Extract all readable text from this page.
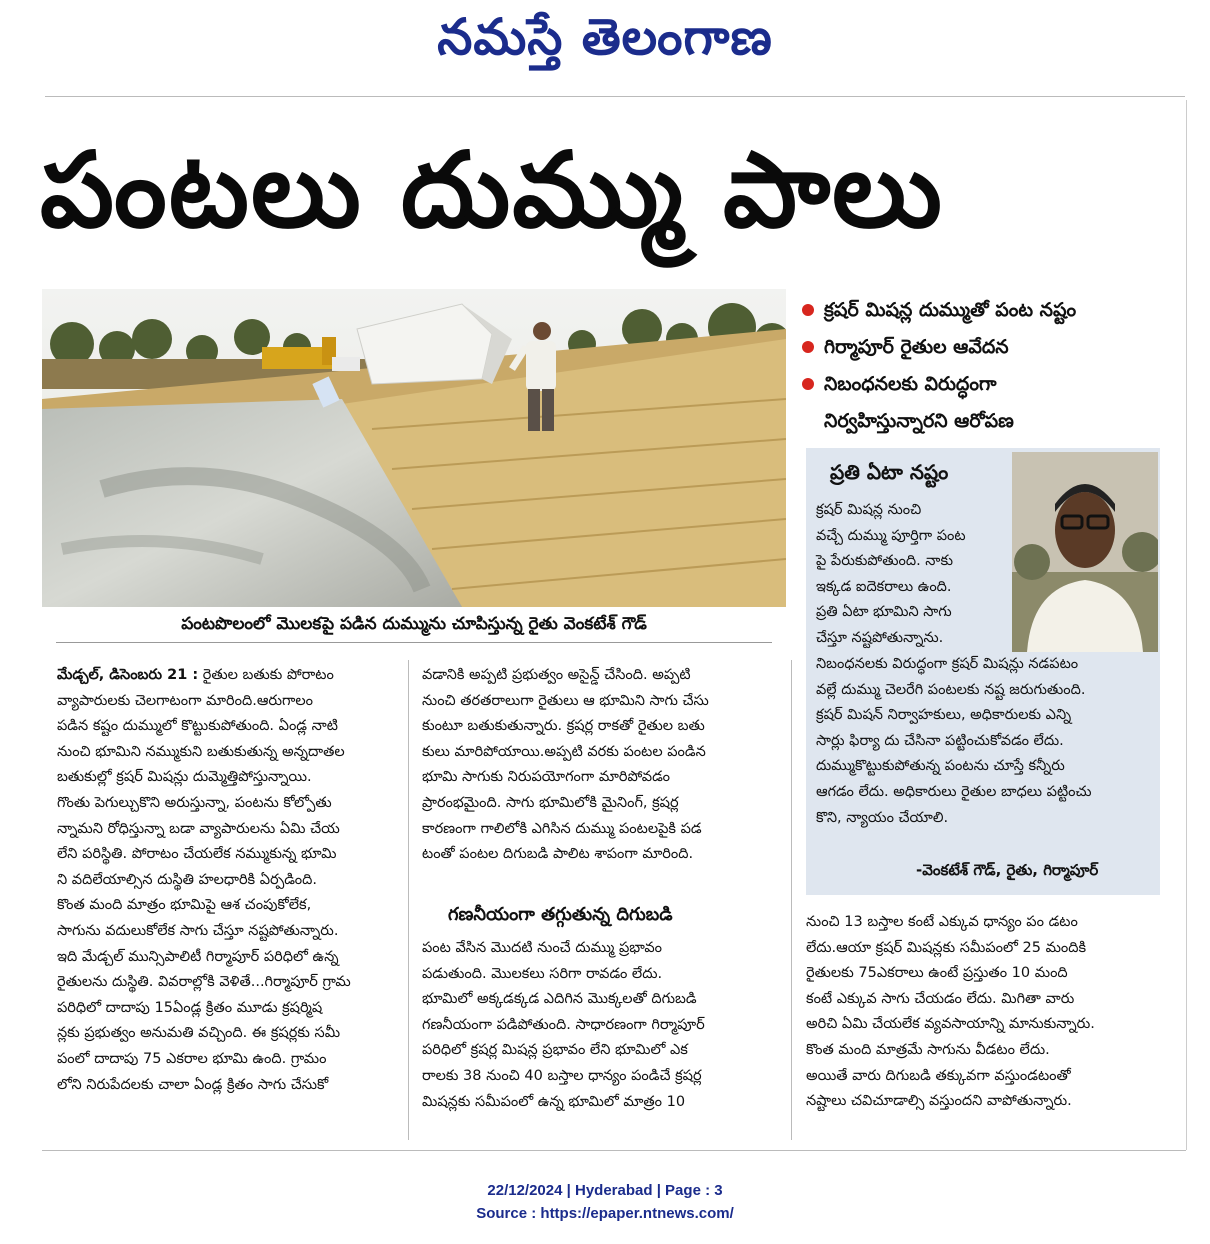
నమస్తే తెలంగాణ
పంటలు దుమ్ము పాలు
పంటపొలంలో మొలకపై పడిన దుమ్మును చూపిస్తున్న రైతు వెంకటేశ్ గౌడ్
క్రషర్ మిషన్ల దుమ్ముతో పంట నష్టం
గిర్మాపూర్ రైతుల ఆవేదన
నిబంధనలకు విరుద్ధంగా
నిర్వహిస్తున్నారని ఆరోపణ
ప్రతి ఏటా నష్టం
క్రషర్ మిషన్ల నుంచి
వచ్చే దుమ్ము పూర్తిగా పంట
పై పేరుకుపోతుంది. నాకు
ఇక్కడ ఐదెకరాలు ఉంది.
ప్రతి ఏటా భూమిని సాగు
చేస్తూ నష్టపోతున్నాను.
నిబంధనలకు విరుద్ధంగా క్రషర్ మిషన్లు నడపటం
వల్లే దుమ్ము చెలరేగి పంటలకు నష్ట జరుగుతుంది.
క్రషర్ మిషన్ నిర్వాహకులు, అధికారులకు ఎన్ని
సార్లు ఫిర్యా దు చేసినా పట్టించుకోవడం లేదు.
దుమ్ముకొట్టుకుపోతున్న పంటను చూస్తే కన్నీరు
ఆగడం లేదు. అధికారులు రైతుల బాధలు పట్టించు
కొని, న్యాయం చేయాలి.
-వెంకటేశ్ గౌడ్, రైతు, గిర్మాపూర్
మేడ్చల్, డిసెంబరు 21 : రైతుల బతుకు పోరాటం
వ్యాపారులకు చెలగాటంగా మారింది.ఆరుగాలం
పడిన కష్టం దుమ్ములో కొట్టుకుపోతుంది. ఏండ్ల నాటి
నుంచి భూమిని నమ్ముకుని బతుకుతున్న అన్నదాతల
బతుకుల్లో క్రషర్ మిషన్లు దుమ్మెత్తిపోస్తున్నాయి.
గొంతు పెగుల్చుకొని అరుస్తున్నా, పంటను కోల్పోతు
న్నామని రోధిస్తున్నా బడా వ్యాపారులను ఏమి చేయ
లేని పరిస్థితి. పోరాటం చేయలేక నమ్ముకున్న భూమి
ని వదిలేయాల్సిన దుస్థితి హలధారికి ఏర్పడింది.
కొంత మంది మాత్రం భూమిపై ఆశ చంపుకోలేక,
సాగును వదులుకోలేక సాగు చేస్తూ నష్టపోతున్నారు.
ఇది మేడ్చల్ మున్సిపాలిటీ గిర్మాపూర్ పరిధిలో ఉన్న
రైతులను దుస్థితి. వివరాల్లోకి వెళితే...గిర్మాపూర్ గ్రామ
పరిధిలో దాదాపు 15ఏండ్ల క్రితం మూడు క్రషర్మిష
న్లకు ప్రభుత్వం అనుమతి వచ్చింది. ఈ క్రషర్లకు సమీ
పంలో దాదాపు 75 ఎకరాల భూమి ఉంది. గ్రామం
లోని నిరుపేదలకు చాలా ఏండ్ల క్రితం సాగు చేసుకో
వడానికి అప్పటి ప్రభుత్వం అసైన్డ్ చేసింది. అప్పటి
నుంచి తరతరాలుగా రైతులు ఆ భూమిని సాగు చేసు
కుంటూ బతుకుతున్నారు. క్రషర్ల రాకతో రైతుల బతు
కులు మారిపోయాయి.అప్పటి వరకు పంటల పండిన
భూమి సాగుకు నిరుపయోగంగా మారిపోవడం
ప్రారంభమైంది. సాగు భూమిలోకి మైనింగ్, క్రషర్ల
కారణంగా గాలిలోకి ఎగిసిన దుమ్ము పంటలపైకి పడ
టంతో పంటల దిగుబడి పాలిట శాపంగా మారింది.
గణనీయంగా తగ్గుతున్న దిగుబడి
పంట వేసిన మొదటి నుంచే దుమ్ము ప్రభావం
పడుతుంది. మొలకలు సరిగా రావడం లేదు.
భూమిలో అక్కడక్కడ ఎదిగిన మొక్కలతో దిగుబడి
గణనీయంగా పడిపోతుంది. సాధారణంగా గిర్మాపూర్
పరిధిలో క్రషర్ల మిషన్ల ప్రభావం లేని భూమిలో ఎక
రాలకు 38 నుంచి 40 బస్తాల ధాన్యం పండిచే క్రషర్ల
మిషన్లకు సమీపంలో ఉన్న భూమిలో మాత్రం 10
నుంచి 13 బస్తాల కంటే ఎక్కువ ధాన్యం పం డటం
లేదు.ఆయా క్రషర్ మిషన్లకు సమీపంలో 25 మందికి
రైతులకు 75ఎకరాలు ఉంటే ప్రస్తుతం 10 మంది
కంటే ఎక్కువ సాగు చేయడం లేదు. మిగితా వారు
అరిచి ఏమి చేయలేక వ్యవసాయాన్ని మానుకున్నారు.
కొంత మంది మాత్రమే సాగును వీడటం లేదు.
అయితే వారు దిగుబడి తక్కువగా వస్తుండటంతో
నష్టాలు చవిచూడాల్సి వస్తుందని వాపోతున్నారు.
22/12/2024 | Hyderabad | Page : 3
Source : https://epaper.ntnews.com/
